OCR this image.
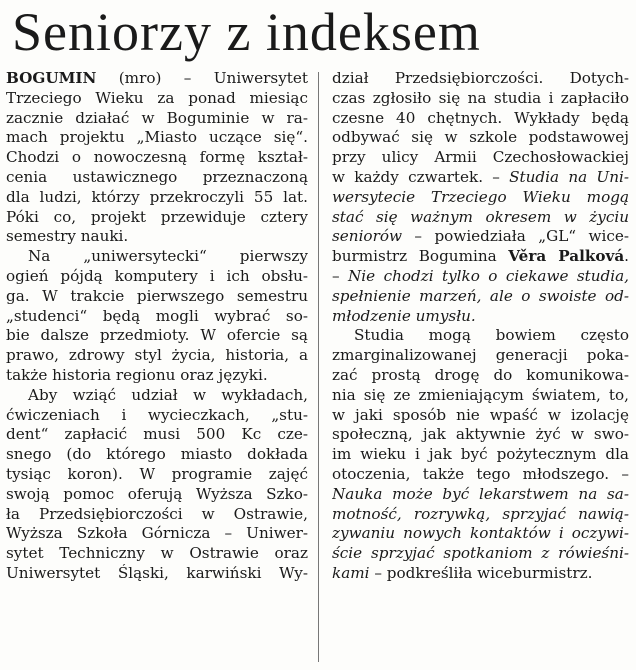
Seniorzy z indeksem
BOGUMIN (mro) – Uniwersytet
Trzeciego Wieku za ponad miesiąc
zacznie działać w Boguminie w ra-
mach projektu „Miasto uczące się“.
Chodzi o nowoczesną formę kształ-
cenia ustawicznego przeznaczoną
dla ludzi, którzy przekroczyli 55 lat.
Póki co, projekt przewiduje cztery
semestry nauki.
Na „uniwersytecki“ pierwszy
ogień pójdą komputery i ich obsłu-
ga. W trakcie pierwszego semestru
„studenci“ będą mogli wybrać so-
bie dalsze przedmioty. W ofercie są
prawo, zdrowy styl życia, historia, a
także historia regionu oraz języki.
Aby wziąć udział w wykładach,
ćwiczeniach i wycieczkach, „stu-
dent“ zapłacić musi 500 Kc cze-
snego (do którego miasto dokłada
tysiąc koron). W programie zajęć
swoją pomoc oferują Wyższa Szko-
ła Przedsiębiorczości w Ostrawie,
Wyższa Szkoła Górnicza – Uniwer-
sytet Techniczny w Ostrawie oraz
Uniwersytet Śląski, karwiński Wy-
dział Przedsiębiorczości. Dotych-
czas zgłosiło się na studia i zapłaciło
czesne 40 chętnych. Wykłady będą
odbywać się w szkole podstawowej
przy ulicy Armii Czechosłowackiej
w każdy czwartek. – Studia na Uni-
wersytecie Trzeciego Wieku mogą
stać się ważnym okresem w życiu
seniorów – powiedziała „GL“ wice-
burmistrz Bogumina Věra Palková.
– Nie chodzi tylko o ciekawe studia,
spełnienie marzeń, ale o swoiste od-
młodzenie umysłu.
Studia mogą bowiem często
zmarginalizowanej generacji poka-
zać prostą drogę do komunikowa-
nia się ze zmieniającym światem, to,
w jaki sposób nie wpaść w izolację
społeczną, jak aktywnie żyć w swo-
im wieku i jak być pożytecznym dla
otoczenia, także tego młodszego. –
Nauka może być lekarstwem na sa-
motność, rozrywką, sprzyjać nawią-
zywaniu nowych kontaktów i oczywi-
ście sprzyjać spotkaniom z rówieśni-
kami – podkreśliła wiceburmistrz.
